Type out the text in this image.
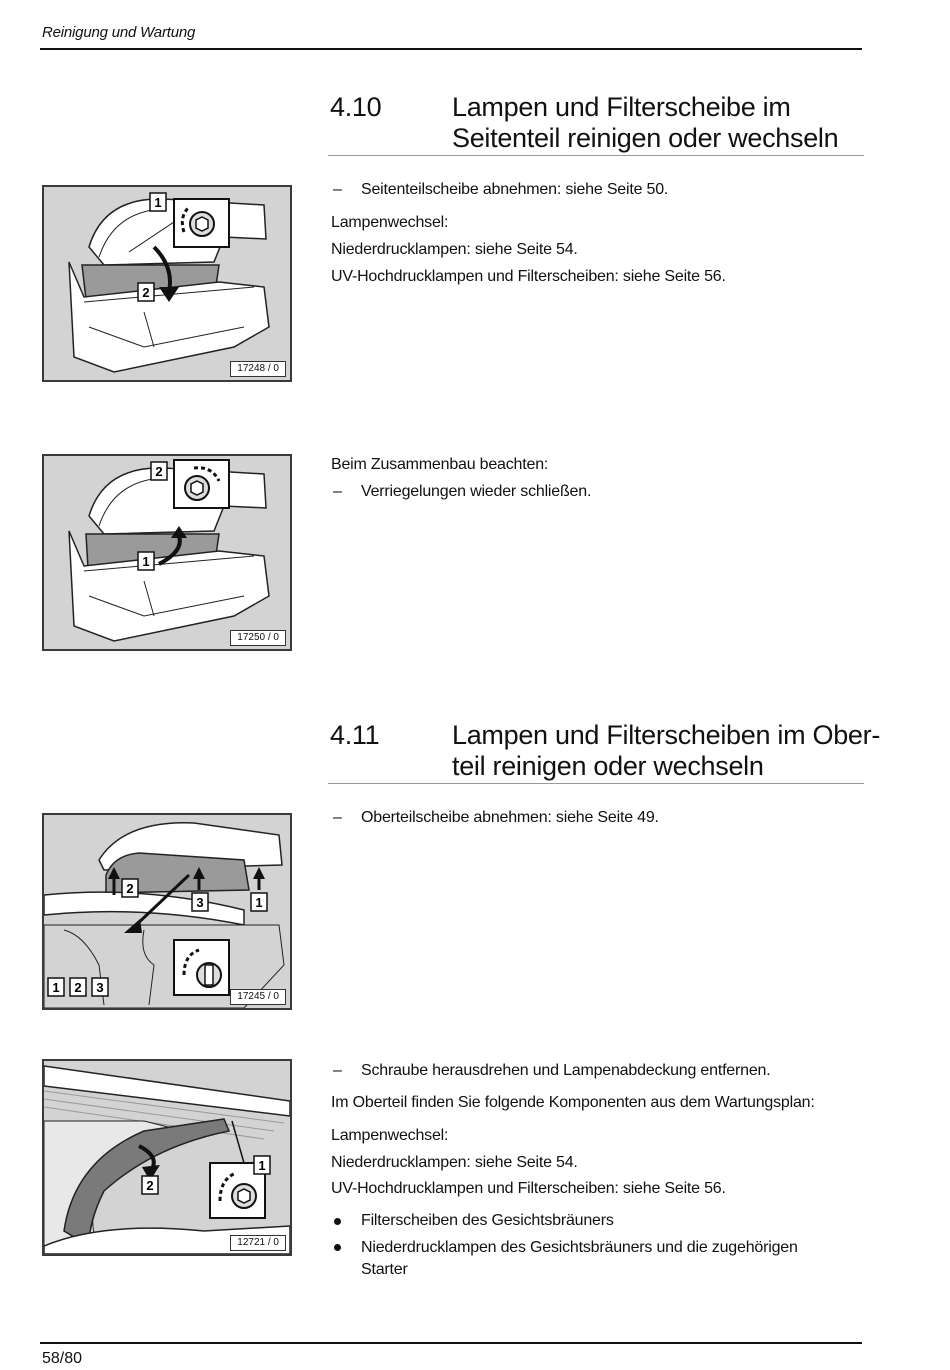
Reinigung und Wartung
4.10	Lampen und Filterscheibe im
Seitenteil reinigen oder wechseln
1
2
17248 / 0
– Seitenteilscheibe abnehmen: siehe Seite 50.
Lampenwechsel:
Niederdrucklampen: siehe Seite 54.
UV-Hochdrucklampen und Filterscheiben: siehe Seite 56.
2
1
17250 / 0
Beim Zusammenbau beachten:
– Verriegelungen wieder schließen.
4.11	Lampen und Filterscheiben im Ober-
teil reinigen oder wechseln
2
3	1
1 2 3
17245 / 0
– Oberteilscheibe abnehmen: siehe Seite 49.
1
2
12721 / 0
– Schraube herausdrehen und Lampenabdeckung entfernen.
Im Oberteil finden Sie folgende Komponenten aus dem Wartungsplan:
Lampenwechsel:
Niederdrucklampen: siehe Seite 54.
UV-Hochdrucklampen und Filterscheiben: siehe Seite 56.
Filterscheiben des Gesichtsbräuners
Niederdrucklampen des Gesichtsbräuners und die zugehörigen Starter
58/80
